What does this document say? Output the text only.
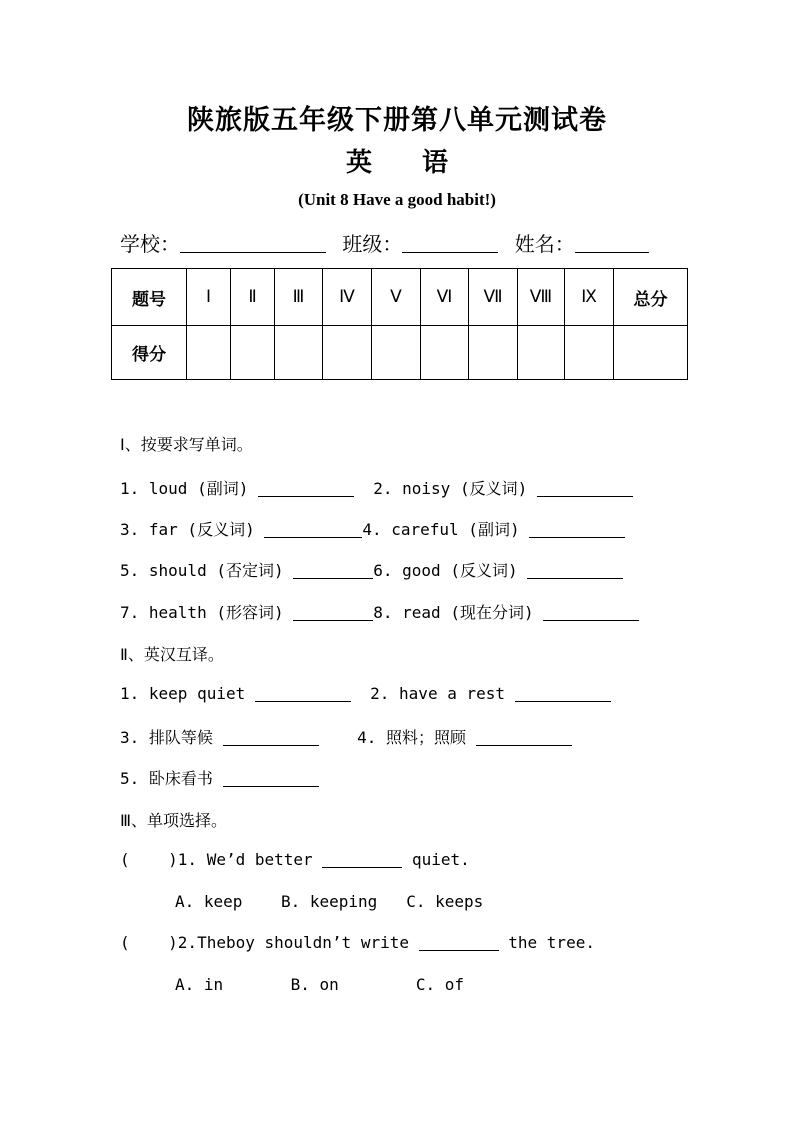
陕旅版五年级下册第八单元测试卷
英 语
(Unit 8 Have a good habit!)
学校：	班级：	姓名：
题号	Ⅰ	Ⅱ	Ⅲ	Ⅳ	Ⅴ	Ⅵ	Ⅶ	Ⅷ	Ⅸ	总分
得分										
Ⅰ、按要求写单词。
1. loud (副词)	2. noisy (反义词)
3. far (反义词)	4. careful (副词)
5. should (否定词)	6. good (反义词)
7. health (形容词)	8. read (现在分词)
Ⅱ、英汉互译。
1. keep quiet	2. have a rest
3. 排队等候	4. 照料；照顾
5. 卧床看书
Ⅲ、单项选择。
(    )1. We’d better	quiet.
A. keep B. keeping C. keeps
(    )2.Theboy shouldn’t write	the tree.
A. in	B. on	C. of
